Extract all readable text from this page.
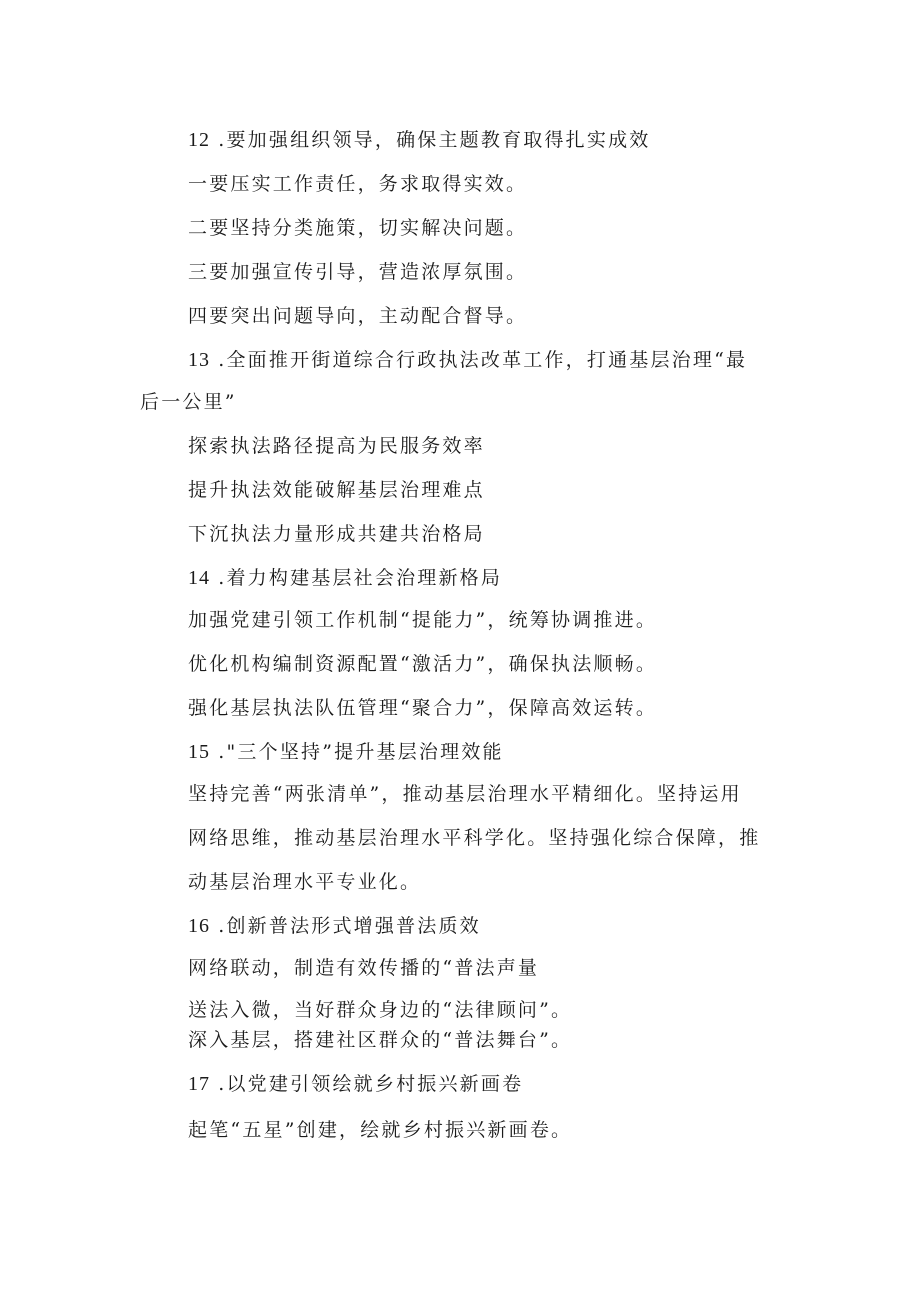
12 .要加强组织领导，确保主题教育取得扎实成效
一要压实工作责任，务求取得实效。
二要坚持分类施策，切实解决问题。
三要加强宣传引导，营造浓厚氛围。
四要突出问题导向，主动配合督导。
13 .全面推开街道综合行政执法改革工作，打通基层治理“最
后一公里”
探索执法路径提高为民服务效率
提升执法效能破解基层治理难点
下沉执法力量形成共建共治格局
14 .着力构建基层社会治理新格局
加强党建引领工作机制“提能力”，统筹协调推进。
优化机构编制资源配置“激活力”，确保执法顺畅。
强化基层执法队伍管理“聚合力”，保障高效运转。
15 ."三个坚持”提升基层治理效能
坚持完善“两张清单”，推动基层治理水平精细化。坚持运用
网络思维，推动基层治理水平科学化。坚持强化综合保障，推
动基层治理水平专业化。
16 .创新普法形式增强普法质效
网络联动，制造有效传播的“普法声量
送法入微，当好群众身边的“法律顾问”。
深入基层，搭建社区群众的“普法舞台”。
17 .以党建引领绘就乡村振兴新画卷
起笔“五星”创建，绘就乡村振兴新画卷。
